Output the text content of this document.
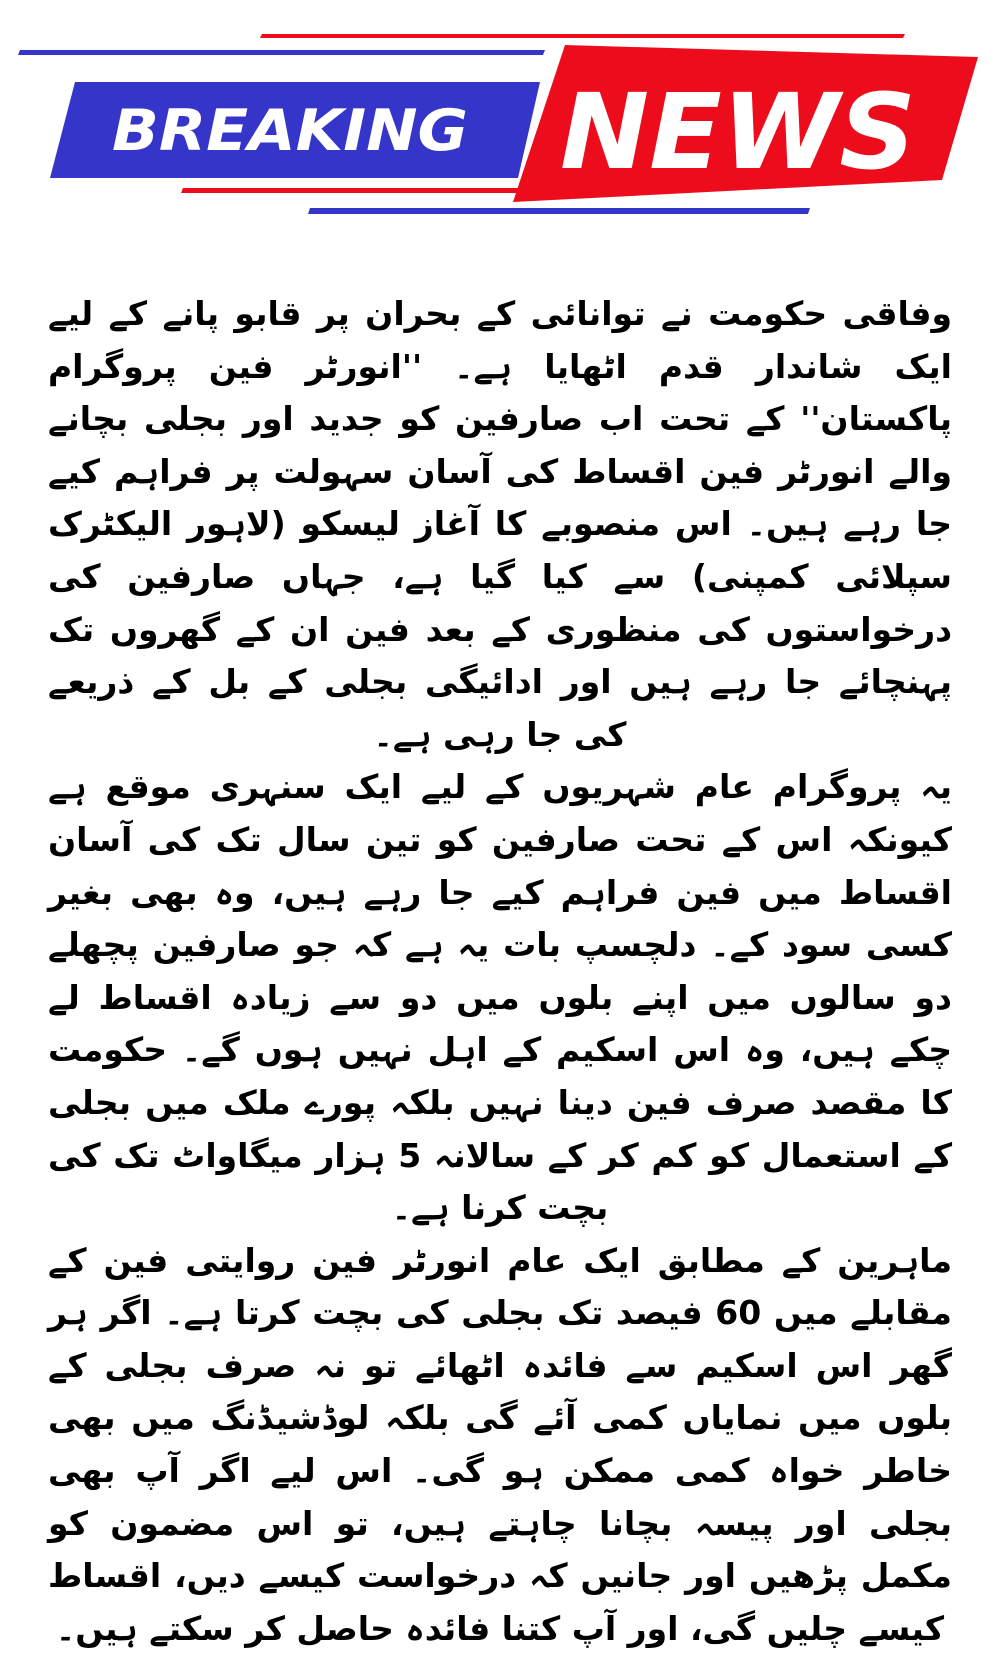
BREAKING NEWS

وفاقی حکومت نے توانائی کے بحران پر قابو پانے کے لیے ایک شاندار قدم اٹھایا ہے۔ ''انورٹر فین پروگرام پاکستان'' کے تحت اب صارفین کو جدید اور بجلی بچانے والے انورٹر فین اقساط کی آسان سہولت پر فراہم کیے جا رہے ہیں۔ اس منصوبے کا آغاز لیسکو (لاہور الیکٹرک سپلائی کمپنی) سے کیا گیا ہے، جہاں صارفین کی درخواستوں کی منظوری کے بعد فین ان کے گھروں تک پہنچائے جا رہے ہیں اور ادائیگی بجلی کے بل کے ذریعے کی جا رہی ہے۔

یہ پروگرام عام شہریوں کے لیے ایک سنہری موقع ہے کیونکہ اس کے تحت صارفین کو تین سال تک کی آسان اقساط میں فین فراہم کیے جا رہے ہیں، وہ بھی بغیر کسی سود کے۔ دلچسپ بات یہ ہے کہ جو صارفین پچھلے دو سالوں میں اپنے بلوں میں دو سے زیادہ اقساط لے چکے ہیں، وہ اس اسکیم کے اہل نہیں ہوں گے۔ حکومت کا مقصد صرف فین دینا نہیں بلکہ پورے ملک میں بجلی کے استعمال کو کم کر کے سالانہ 5 ہزار میگاواٹ تک کی بچت کرنا ہے۔

ماہرین کے مطابق ایک عام انورٹر فین روایتی فین کے مقابلے میں 60 فیصد تک بجلی کی بچت کرتا ہے۔ اگر ہر گھر اس اسکیم سے فائدہ اٹھائے تو نہ صرف بجلی کے بلوں میں نمایاں کمی آئے گی بلکہ لوڈشیڈنگ میں بھی خاطر خواہ کمی ممکن ہو گی۔ اس لیے اگر آپ بھی بجلی اور پیسہ بچانا چاہتے ہیں، تو اس مضمون کو مکمل پڑھیں اور جانیں کہ درخواست کیسے دیں، اقساط کیسے چلیں گی، اور آپ کتنا فائدہ حاصل کر سکتے ہیں۔
